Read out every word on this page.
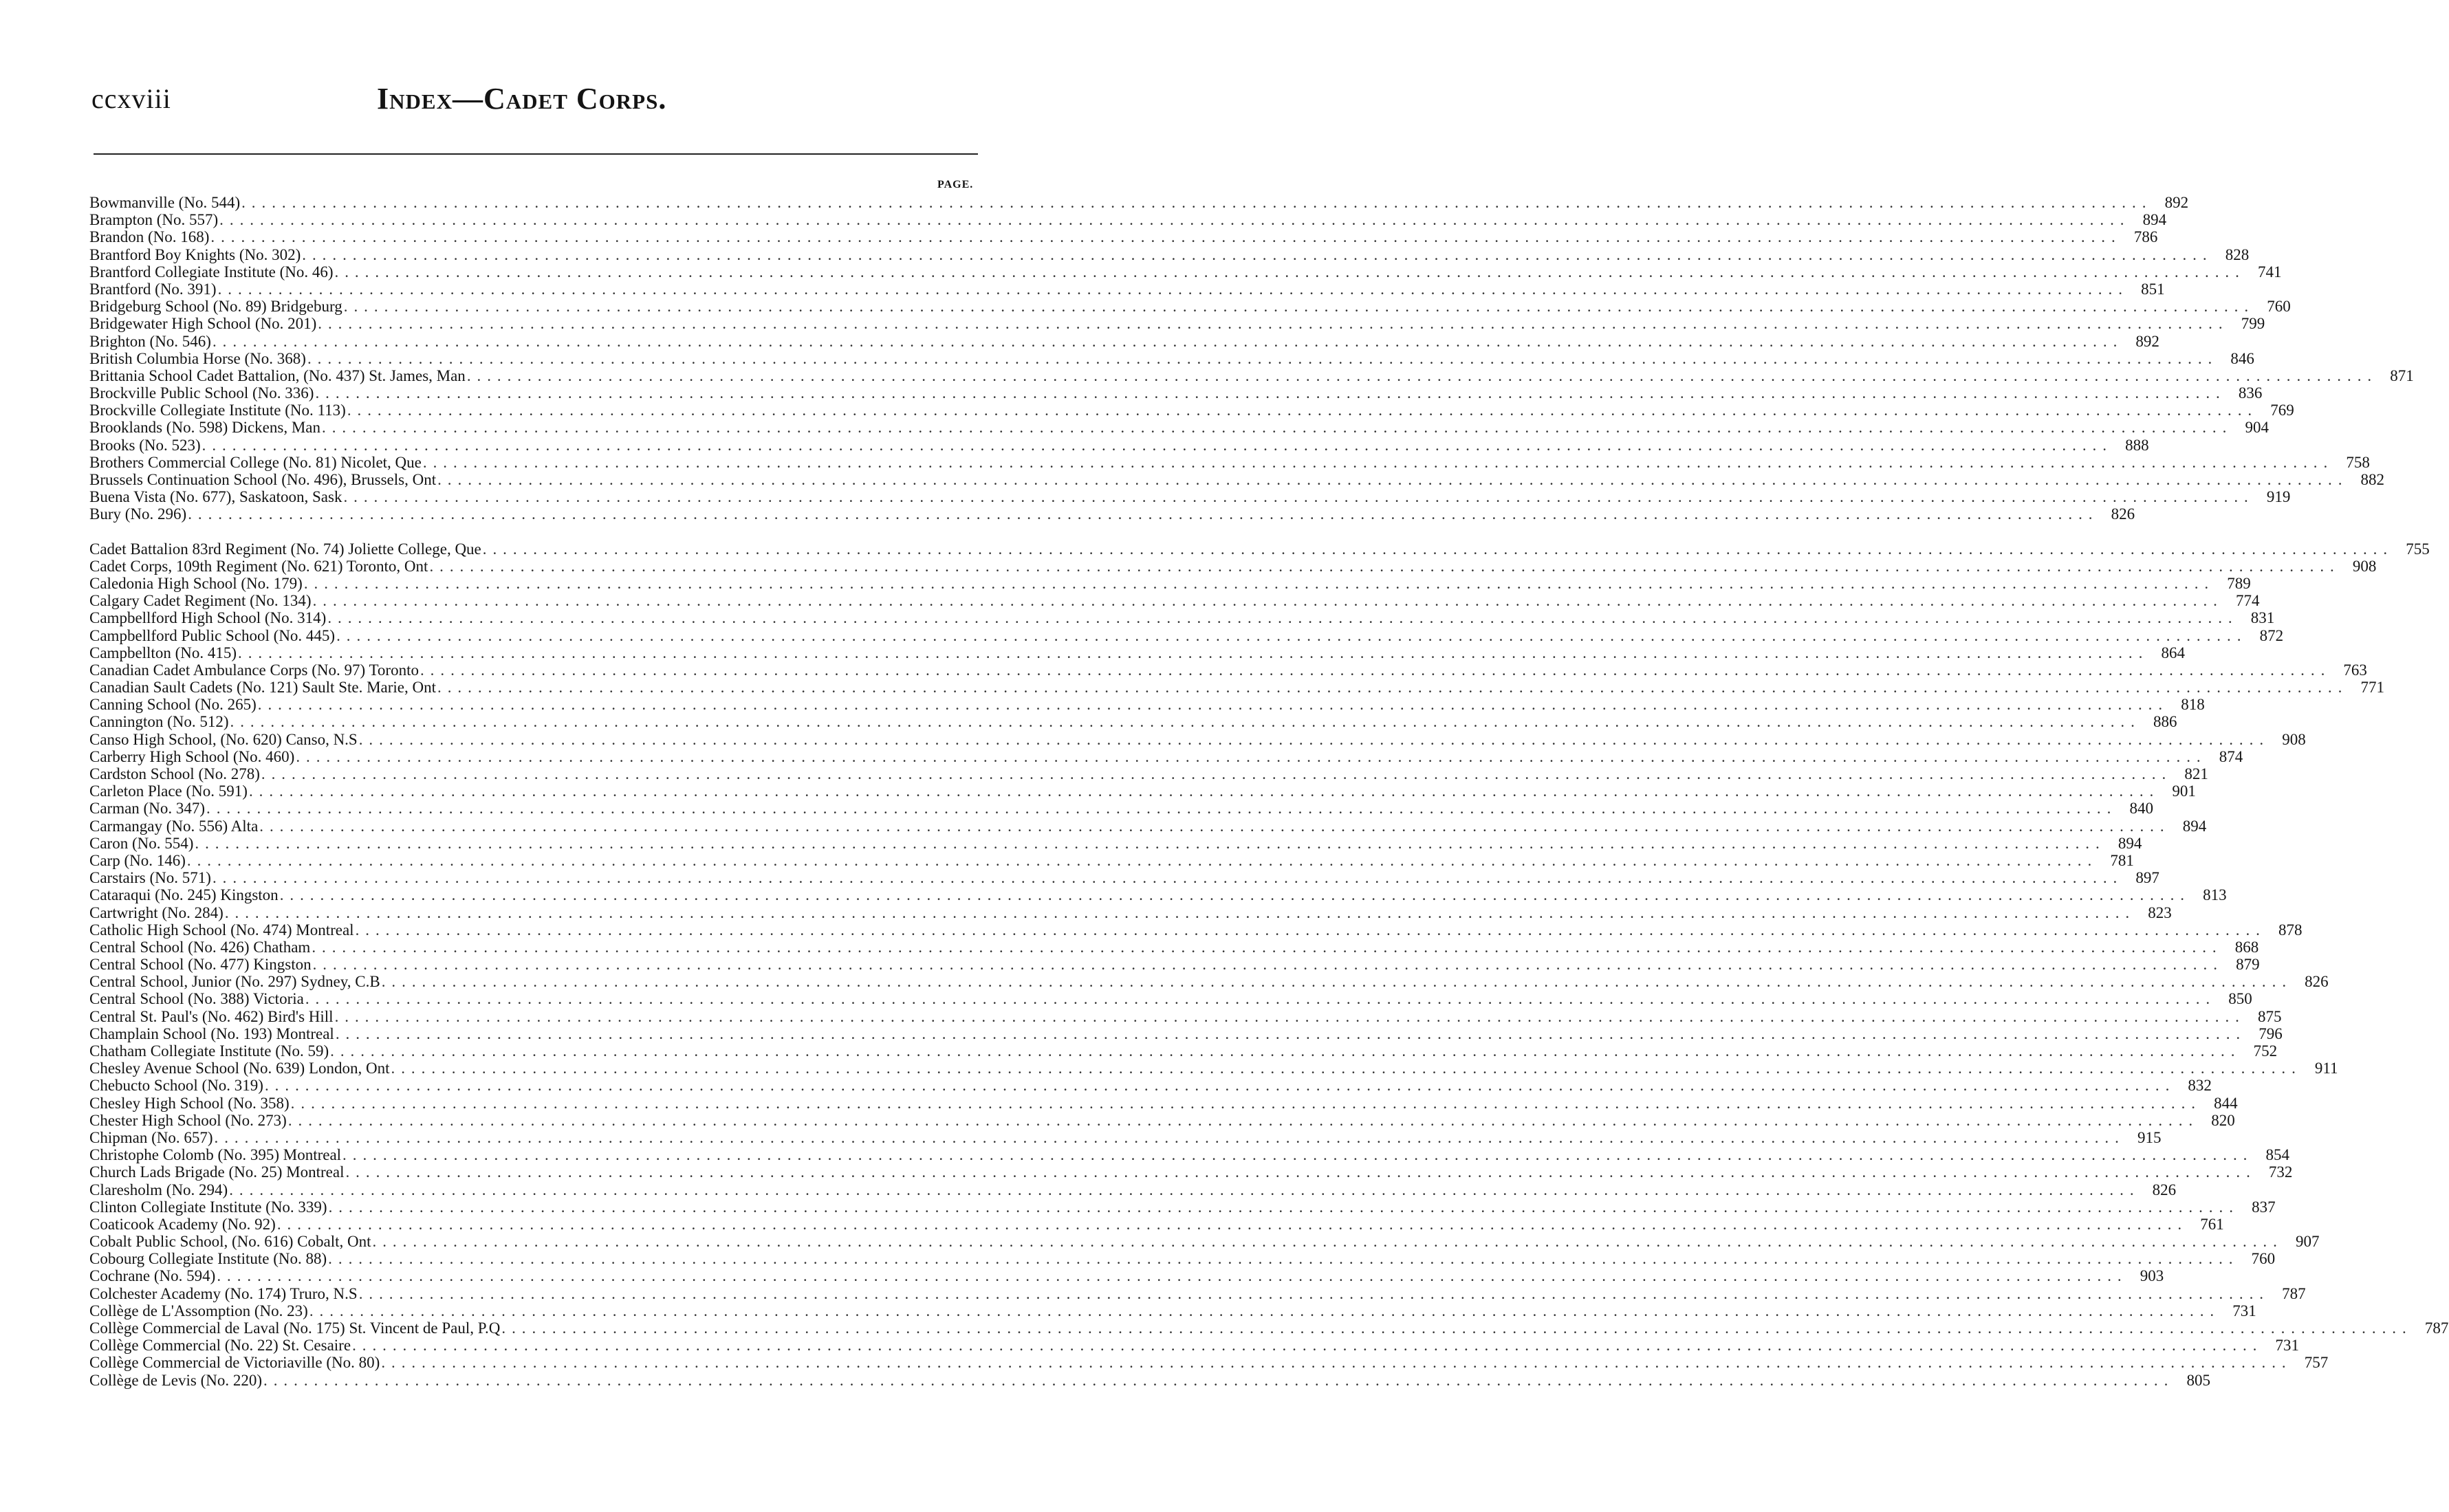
ccxviii	Index—Cadet Corps.
PAGE.
Bowmanville (No. 544) . . .	892
Brampton (No. 557) . . .	894
Brandon (No. 168) . . .	786
Brantford Boy Knights (No. 302) . . .	828
Brantford Collegiate Institute (No. 46) . . .	741
Brantford (No. 391) . . .	851
Bridgeburg School (No. 89) Bridgeburg . . .	760
Bridgewater High School (No. 201) . . .	799
Brighton (No. 546) . . .	892
British Columbia Horse (No. 368) . . .	846
Brittania School Cadet Battalion, (No. 437) St. James, Man . . .	871
Brockville Public School (No. 336) . . .	836
Brockville Collegiate Institute (No. 113) . . .	769
Brooklands (No. 598) Dickens, Man . . .	904
Brooks (No. 523) . . .	888
Brothers Commercial College (No. 81) Nicolet, Que . . .	758
Brussels Continuation School (No. 496), Brussels, Ont . . .	882
Buena Vista (No. 677), Saskatoon, Sask . . .	919
Bury (No. 296) . . .	826
Cadet Battalion 83rd Regiment (No. 74) Joliette College, Que . . .	755
Cadet Corps, 109th Regiment (No. 621) Toronto, Ont . . .	908
Caledonia High School (No. 179) . . .	789
Calgary Cadet Regiment (No. 134) . . .	774
Campbellford High School (No. 314) . . .	831
Campbellford Public School (No. 445) . . .	872
Campbellton (No. 415) . . .	864
Canadian Cadet Ambulance Corps (No. 97) Toronto . . .	763
Canadian Sault Cadets (No. 121) Sault Ste. Marie, Ont . . .	771
Canning School (No. 265) . . .	818
Cannington (No. 512) . . .	886
Canso High School, (No. 620) Canso, N.S . . .	908
Carberry High School (No. 460) . . .	874
Cardston School (No. 278) . . .	821
Carleton Place (No. 591) . . .	901
Carman (No. 347) . . .	840
Carmangay (No. 556) Alta . . .	894
Caron (No. 554) . . .	894
Carp (No. 146) . . .	781
Carstairs (No. 571) . . .	897
Cataraqui (No. 245) Kingston . . .	813
Cartwright (No. 284) . . .	823
Catholic High School (No. 474) Montreal . . .	878
Central School (No. 426) Chatham . . .	868
Central School (No. 477) Kingston . . .	879
Central School, Junior (No. 297) Sydney, C.B . . .	826
Central School (No. 388) Victoria . . .	850
Central St. Paul's (No. 462) Bird's Hill . . .	875
Champlain School (No. 193) Montreal . . .	796
Chatham Collegiate Institute (No. 59) . . .	752
Chesley Avenue School (No. 639) London, Ont . . .	911
Chebucto School (No. 319) . . .	832
Chesley High School (No. 358) . . .	844
Chester High School (No. 273) . . .	820
Chipman (No. 657) . . .	915
Christophe Colomb (No. 395) Montreal . . .	854
Church Lads Brigade (No. 25) Montreal . . .	732
Claresholm (No. 294) . . .	826
Clinton Collegiate Institute (No. 339) . . .	837
Coaticook Academy (No. 92) . . .	761
Cobalt Public School, (No. 616) Cobalt, Ont . . .	907
Cobourg Collegiate Institute (No. 88) . . .	760
Cochrane (No. 594) . . .	903
Colchester Academy (No. 174) Truro, N.S . . .	787
Collège de L'Assomption (No. 23) . . .	731
Collège Commercial de Laval (No. 175) St. Vincent de Paul, P.Q . . .	787
Collège Commercial (No. 22) St. Cesaire . . .	731
Collège Commercial de Victoriaville (No. 80) . . .	757
Collège de Levis (No. 220) . . .	805
